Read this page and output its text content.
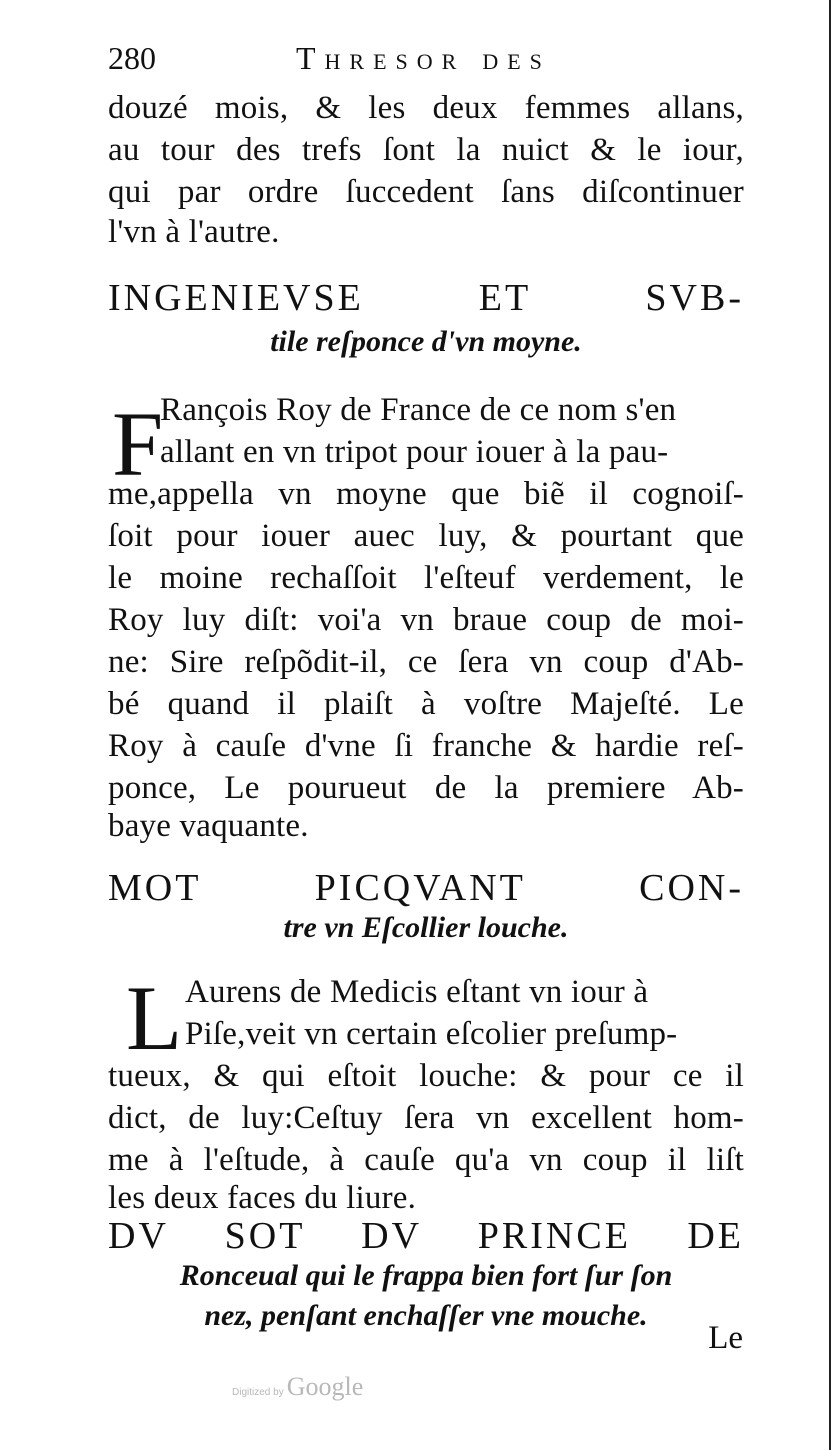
280	Thresor des
douzé mois, & les deux femmes allans,
au tour des trefs ſont la nuict & le iour,
qui par ordre ſuccedent ſans diſcontinuer
l'vn à l'autre.
INGENIEVSE ET SVB-
tile reſponce d'vn moyne.
F
Rançois Roy de France de ce nom s'en
allant en vn tripot pour iouer à la pau-
me,appella vn moyne que biẽ il cognoiſ-
ſoit pour iouer auec luy, & pourtant que
le moine rechaſſoit l'eſteuf verdement, le
Roy luy diſt: voi'a vn braue coup de moi-
ne: Sire reſpõdit-il, ce ſera vn coup d'Ab-
bé quand il plaiſt à voſtre Majeſté. Le
Roy à cauſe d'vne ſi franche & hardie reſ-
ponce, Le pourueut de la premiere Ab-
baye vaquante.
MOT PICQVANT CON-
tre vn Eſcollier louche.
L Aurens de Medicis eſtant vn iour à
Piſe,veit vn certain eſcolier preſump-
tueux, & qui eſtoit louche: & pour ce il
dict, de luy:Ceſtuy ſera vn excellent hom-
me à l'eſtude, à cauſe qu'a vn coup il liſt
les deux faces du liure.
DV SOT DV PRINCE DE
Ronceual qui le frappa bien fort ſur ſon
nez, penſant enchaſſer vne mouche.
Le
Digitized by Google
